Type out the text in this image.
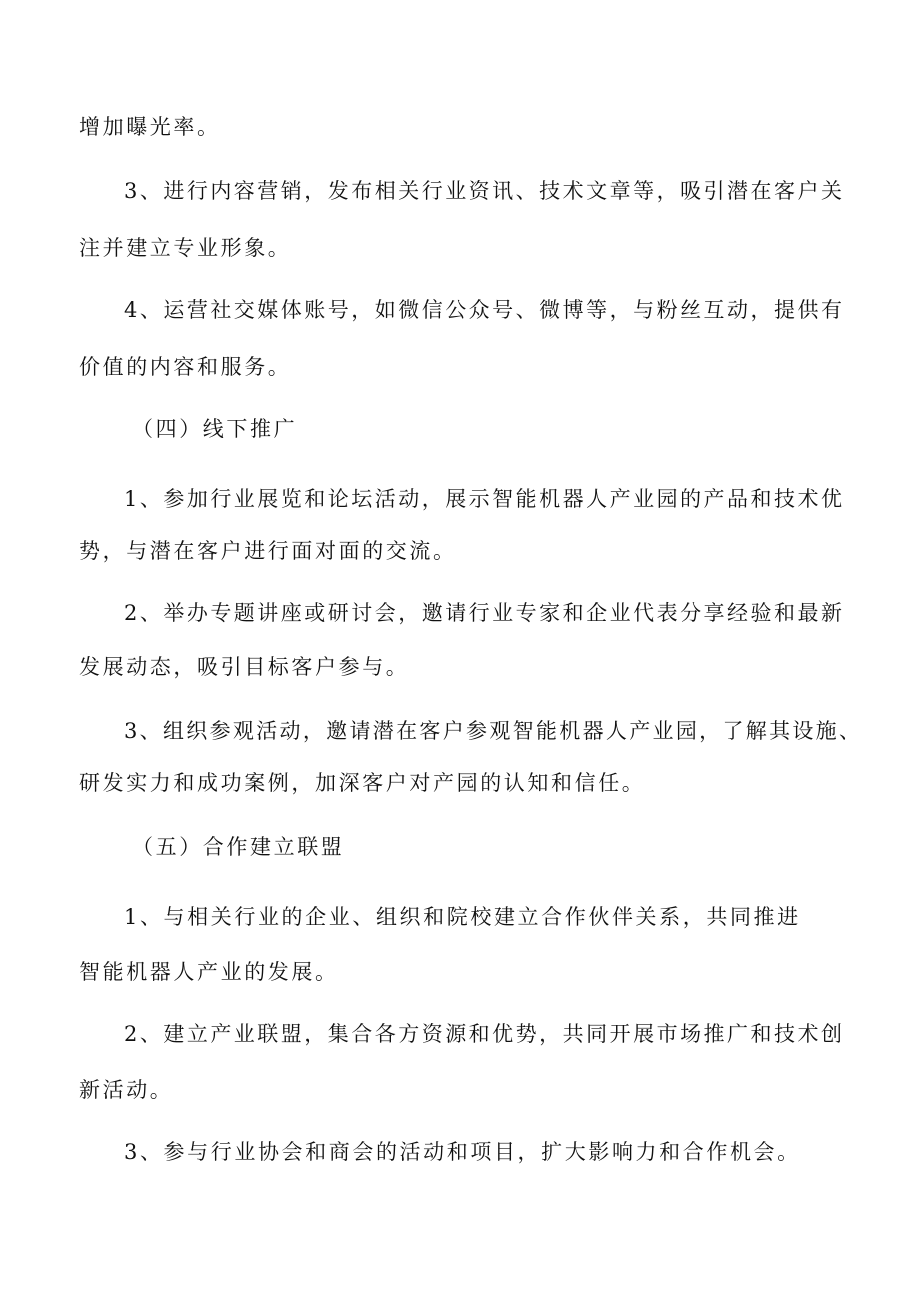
增加曝光率。
3、进行内容营销，发布相关行业资讯、技术文章等，吸引潜在客户关
注并建立专业形象。
4、运营社交媒体账号，如微信公众号、微博等，与粉丝互动，提供有
价值的内容和服务。
（四）线下推广
1、参加行业展览和论坛活动，展示智能机器人产业园的产品和技术优
势，与潜在客户进行面对面的交流。
2、举办专题讲座或研讨会，邀请行业专家和企业代表分享经验和最新
发展动态，吸引目标客户参与。
3、组织参观活动，邀请潜在客户参观智能机器人产业园，了解其设施、
研发实力和成功案例，加深客户对产园的认知和信任。
（五）合作建立联盟
1、与相关行业的企业、组织和院校建立合作伙伴关系，共同推进
智能机器人产业的发展。
2、建立产业联盟，集合各方资源和优势，共同开展市场推广和技术创
新活动。
3、参与行业协会和商会的活动和项目，扩大影响力和合作机会。
